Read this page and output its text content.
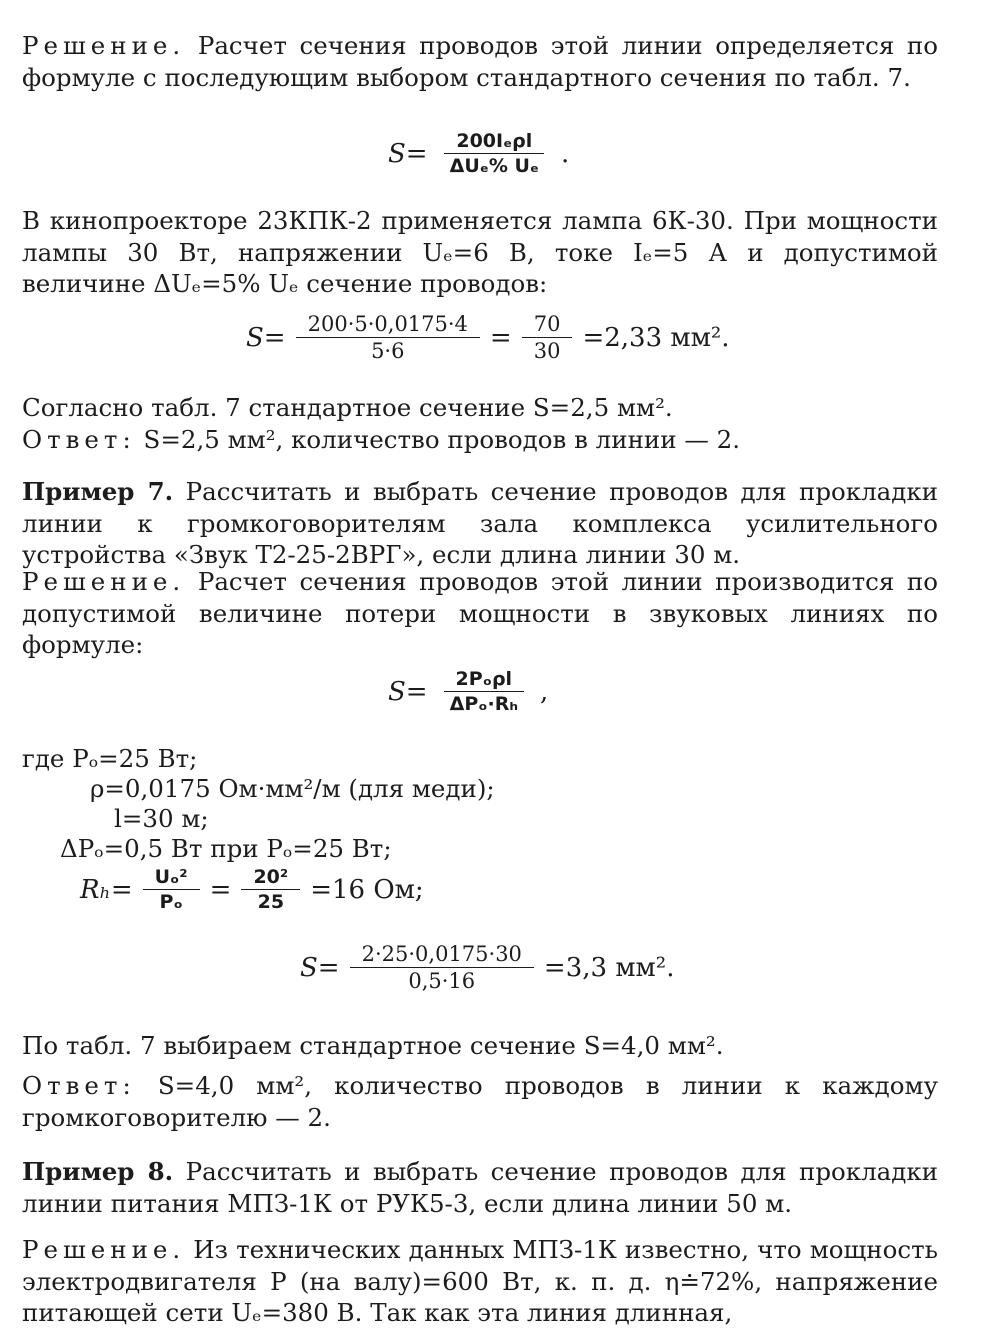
Решение. Расчет сечения проводов этой линии определяется по формуле с последующим выбором стандартного сечения по табл. 7.

$S= \frac{\text{200Iₑρl}}{\text{ΔUₑ\% Uₑ}}$ .

В кинопроекторе 23КПК-2 применяется лампа 6К-30. При мощности лампы 30 Вт, напряжении Uₑ=6 В, токе Iₑ=5 А и допустимой величине ΔUₑ=5% Uₑ сечение проводов:

$S= \frac{200\cdot 5\cdot 0,0175\cdot 4}{5\cdot 6} = \frac{70}{30} =2,33$ мм².

Согласно табл. 7 стандартное сечение S=2,5 мм².

Ответ: S=2,5 мм², количество проводов в линии — 2.

Пример 7. Рассчитать и выбрать сечение проводов для прокладки линии к громкоговорителям зала комплекса усилительного устройства «Звук Т2-25-2ВРГ», если длина линии 30 м.

Решение. Расчет сечения проводов этой линии производится по допустимой величине потери мощности в звуковых линиях по формуле:

$S= \frac{\text{2Pₒρl}}{\text{ΔPₒ·Rₕ}}$ ,

где Pₒ=25 Вт;

ρ=0,0175 Ом·мм²/м (для меди);

l=30 м;

ΔPₒ=0,5 Вт при Pₒ=25 Вт;

$R_h= \frac{\text{Uₒ²}}{\text{Pₒ}} = \frac{\text{20²}}{25} =16$ Ом;
$S= \frac{2\cdot 25\cdot 0,0175\cdot 30}{0,5\cdot 16} =3,3$ мм².

По табл. 7 выбираем стандартное сечение S=4,0 мм².

Ответ: S=4,0 мм², количество проводов в линии к каждому громкоговорителю — 2.

Пример 8. Рассчитать и выбрать сечение проводов для прокладки линии питания МПЗ-1К от РУК5-3, если длина линии 50 м.

Решение. Из технических данных МПЗ-1К известно, что мощность электродвигателя P (на валу)=600 Вт, к. п. д. η≐72%, напряжение питающей сети Uₑ=380 В. Так как эта линия длинная,
